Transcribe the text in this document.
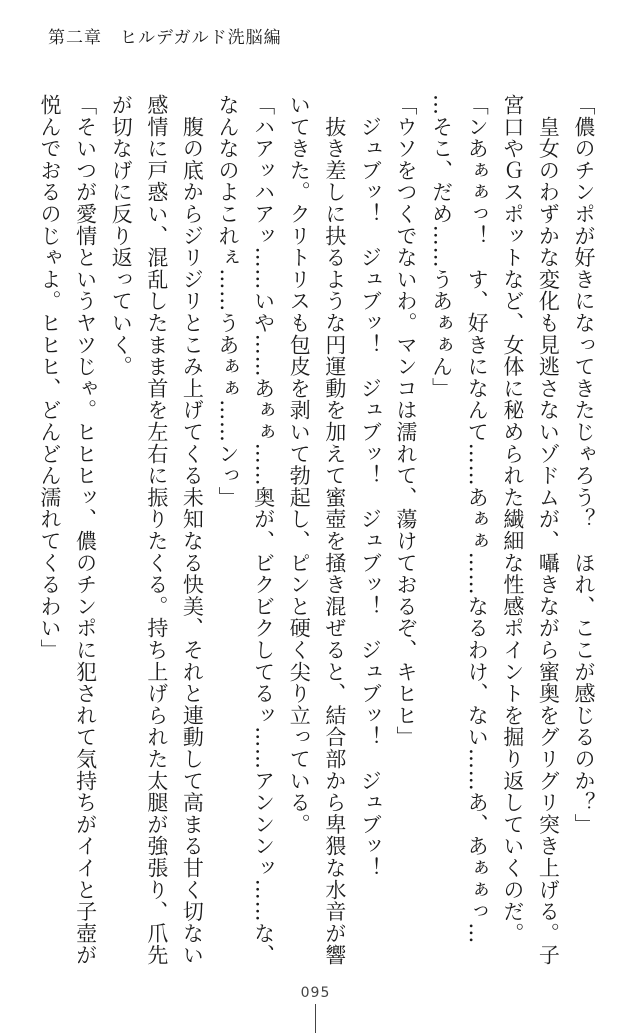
第二章 ヒルデガルド洗脳編
「儂のチンポが好きになってきたじゃろう？　ほれ、ここが感じるのか？」
　皇女のわずかな変化も見逃さないゾドムが、囁きながら蜜奥をグリグリ突き上げる。子
宮口やＧスポットなど、女体に秘められた繊細な性感ポイントを掘り返していくのだ。
「ンあぁぁっ！　す、好きになんて……あぁぁ……なるわけ、ない……あ、あぁぁっ…
…そこ、だめ……うあぁぁん」
「ウソをつくでないわ。マンコは濡れて、蕩けておるぞ、キヒヒ」
　ジュブッ！　ジュブッ！　ジュブッ！　ジュブッ！　ジュブッ！　ジュブッ！
　抜き差しに抉るような円運動を加えて蜜壺を掻き混ぜると、結合部から卑猥な水音が響
いてきた。クリトリスも包皮を剥いて勃起し、ピンと硬く尖り立っている。
「ハアッハアッ……いや……あぁぁ……奥が、ビクビクしてるッ……アンンンッ……な、
なんなのよこれぇ……うあぁぁ……ンっ」
　腹の底からジリジリとこみ上げてくる未知なる快美、それと連動して高まる甘く切ない
感情に戸惑い、混乱したまま首を左右に振りたくる。持ち上げられた太腿が強張り、爪先
が切なげに反り返っていく。
「そいつが愛情というヤツじゃ。ヒヒヒッ、儂のチンポに犯されて気持ちがイイと子壺が
悦んでおるのじゃよ。ヒヒヒ、どんどん濡れてくるわい」
095
